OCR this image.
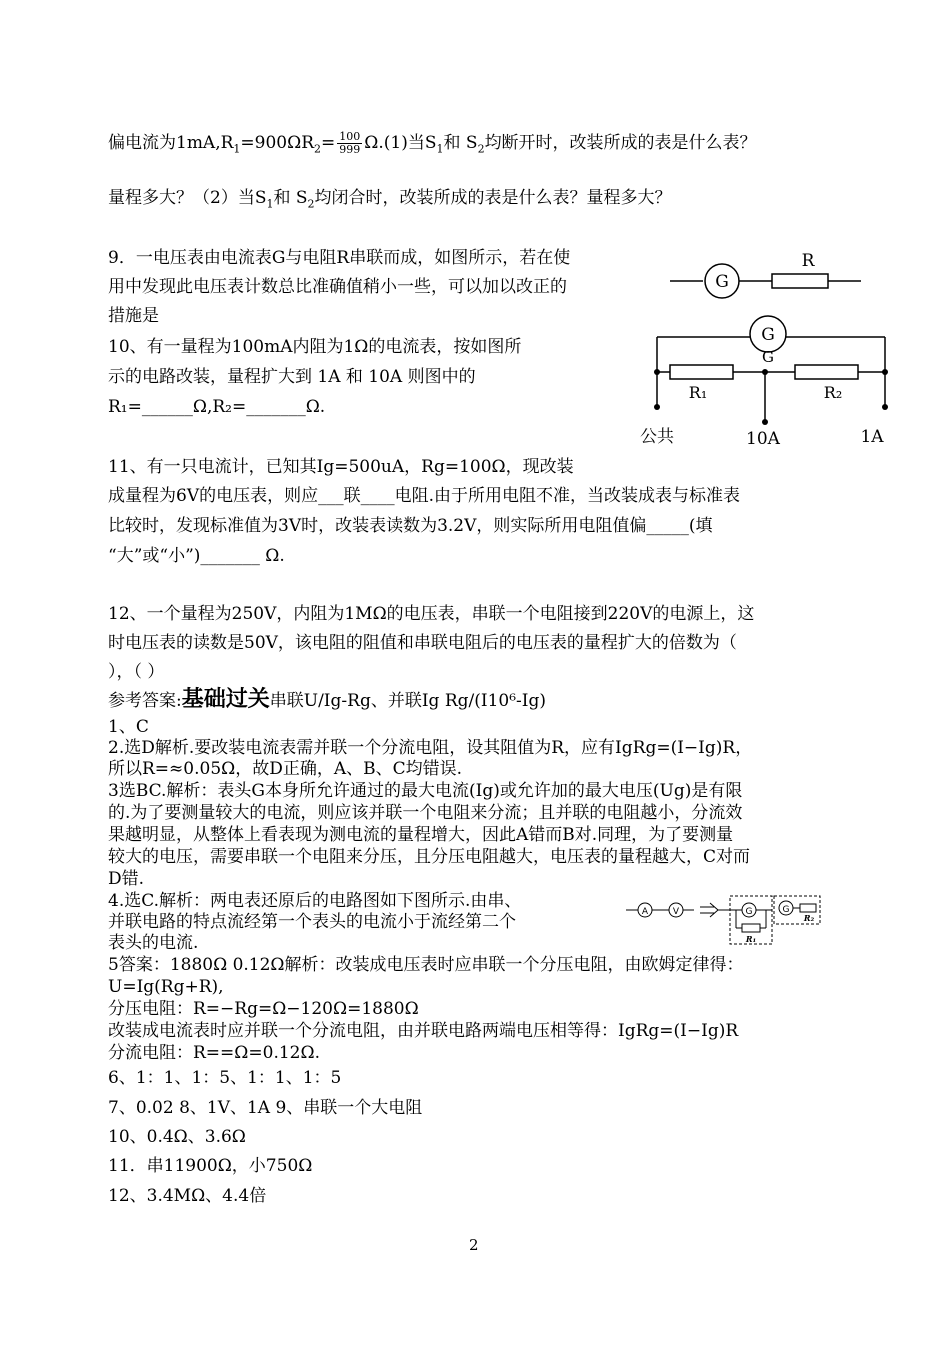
偏电流为$1mA,R_1=900\Omega R_2= \frac{100}{999} \Omega.(1)$当$S_1$和 $S_2$均断开时，改装所成的表是什么表？
量程多大？（2）当$S_1$和 $S_2$均闭合时，改装所成的表是什么表？量程多大？
9．一电压表由电流表G与电阻R串联而成，如图所示，若在使
用中发现此电压表计数总比准确值稍小一些，可以加以改正的
措施是
10、有一量程为100mA内阻为1Ω的电流表，按如图所
示的电路改装，量程扩大到 1A 和 10A 则图中的
R₁=______Ω,R₂=_______Ω.
11、有一只电流计，已知其Ig=500uA，Rg=100Ω，现改装
成量程为6V的电压表，则应___联____电阻.由于所用电阻不准，当改装成表与标准表
比较时，发现标准值为3V时，改装表读数为3.2V，则实际所用电阻值偏_____(填
“大”或“小”)_______ Ω.
12、一个量程为250V，内阻为1MΩ的电压表，串联一个电阻接到220V的电源上，这
时电压表的读数是50V，该电阻的阻值和串联电阻后的电压表的量程扩大的倍数为（
），（ ）
参考答案:基础过关串联U/Ig-Rg、并联Ig Rg/(I10⁶-Ig)
1、C
2.选D解析.要改装电流表需并联一个分流电阻，设其阻值为R，应有IgRg=(I−Ig)R，
所以R=≈0.05Ω，故D正确，A、B、C均错误.
3选BC.解析：表头G本身所允许通过的最大电流(Ig)或允许加的最大电压(Ug)是有限
的.为了要测量较大的电流，则应该并联一个电阻来分流；且并联的电阻越小，分流效
果越明显，从整体上看表现为测电流的量程增大，因此A错而B对.同理，为了要测量
较大的电压，需要串联一个电阻来分压，且分压电阻越大，电压表的量程越大，C对而
D错.
4.选C.解析：两电表还原后的电路图如下图所示.由串、
并联电路的特点流经第一个表头的电流小于流经第二个
表头的电流.
5答案：1880Ω 0.12Ω解析：改装成电压表时应串联一个分压电阻，由欧姆定律得：
U=Ig(Rg+R),
分压电阻：R=−Rg=Ω−120Ω=1880Ω
改装成电流表时应并联一个分流电阻，由并联电路两端电压相等得：IgRg=(I−Ig)R
分流电阻：R==Ω=0.12Ω.
6、1：1、1：5、1：1、1：5
7、0.02 8、1V、1A 9、串联一个大电阻
10、0.4Ω、3.6Ω
11．串11900Ω，小750Ω
12、3.4MΩ、4.4倍
G
R
G
G
R₁	R₂
公共	10A	1A
A	V	G
R₁
G
R₂
2
